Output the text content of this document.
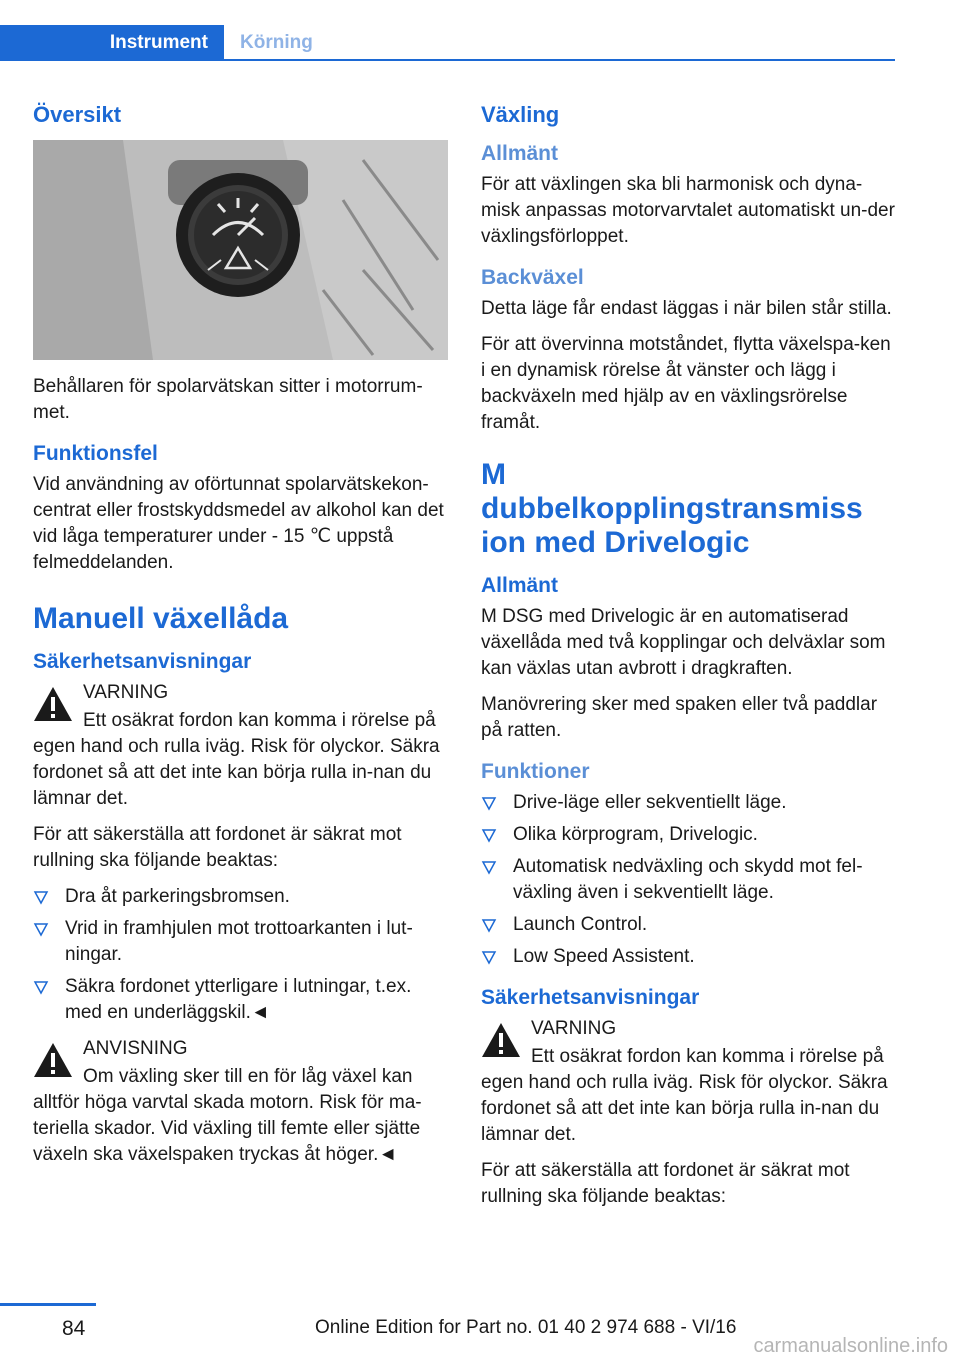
Instrument	Körning
Översikt

Behållaren för spolarvätskan sitter i motorrum-met.

Funktionsfel

Vid användning av oförtunnat spolarvätskekon-centrat eller frostskyddsmedel av alkohol kan det vid låga temperaturer under - 15 ℃ uppstå felmeddelanden.

Manuell växellåda
Säkerhetsanvisningar
VARNING

Ett osäkrat fordon kan komma i rörelse på egen hand och rulla iväg. Risk för olyckor. Säkra fordonet så att det inte kan börja rulla in-nan du lämnar det.

För att säkerställa att fordonet är säkrat mot rullning ska följande beaktas:

Dra åt parkeringsbromsen.
Vrid in framhjulen mot trottoarkanten i lut-ningar.
Säkra fordonet ytterligare i lutningar, t.ex. med en underläggskil.◄
ANVISNING

Om växling sker till en för låg växel kan alltför höga varvtal skada motorn. Risk för ma-teriella skador. Vid växling till femte eller sjätte växeln ska växelspaken tryckas åt höger.◄

Växling
Allmänt

För att växlingen ska bli harmonisk och dyna-misk anpassas motorvarvtalet automatiskt un-der växlingsförloppet.

Backväxel

Detta läge får endast läggas i när bilen står stilla.

För att övervinna motståndet, flytta växelspa-ken i en dynamisk rörelse åt vänster och lägg i backväxeln med hjälp av en växlingsrörelse framåt.

M dubbelkopplingstransmiss ion med Drivelogic
Allmänt

M DSG med Drivelogic är en automatiserad växellåda med två kopplingar och delväxlar som kan växlas utan avbrott i dragkraften.

Manövrering sker med spaken eller två paddlar på ratten.

Funktioner
Drive-läge eller sekventiellt läge.
Olika körprogram, Drivelogic.
Automatisk nedväxling och skydd mot fel-växling även i sekventiellt läge.
Launch Control.
Low Speed Assistent.
Säkerhetsanvisningar
VARNING

Ett osäkrat fordon kan komma i rörelse på egen hand och rulla iväg. Risk för olyckor. Säkra fordonet så att det inte kan börja rulla in-nan du lämnar det.

För att säkerställa att fordonet är säkrat mot rullning ska följande beaktas:

84	Online Edition for Part no. 01 40 2 974 688 - VI/16
carmanualsonline.info
